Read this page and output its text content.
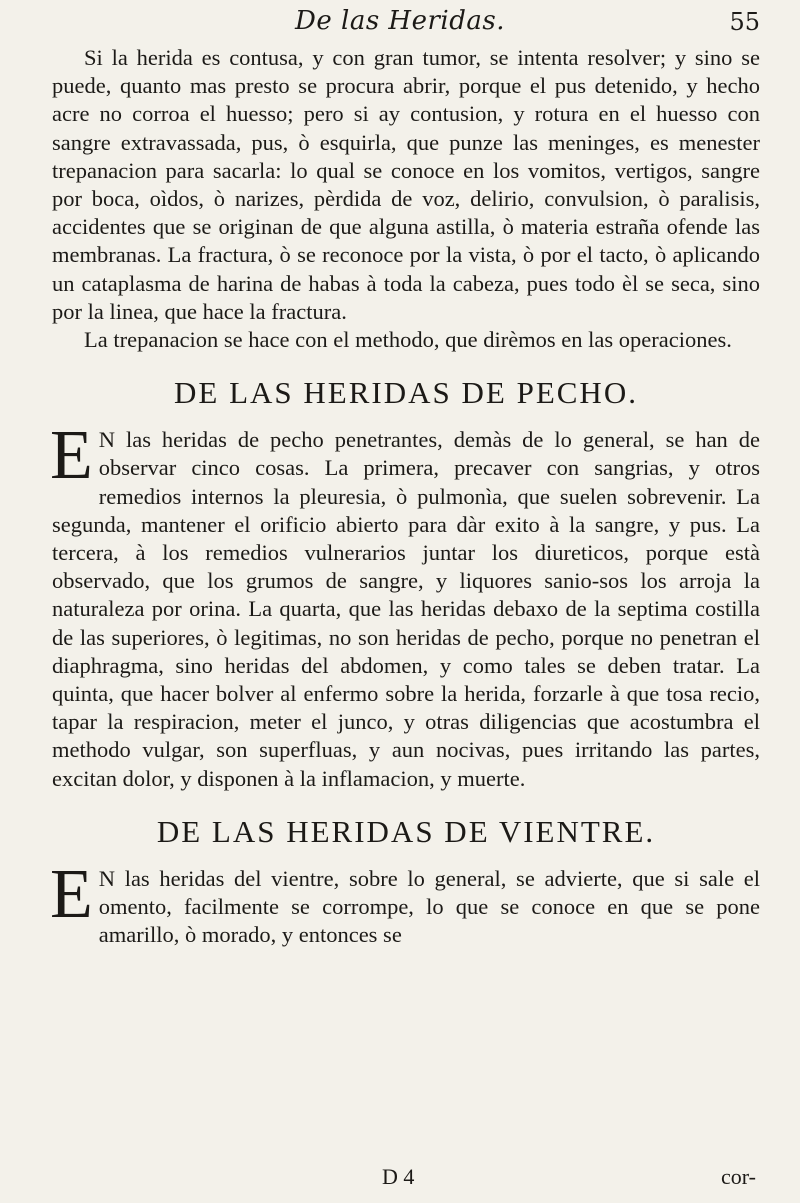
De las Heridas.	55

Si la herida es contusa, y con gran tumor, se intenta resolver; y sino se puede, quanto mas presto se procura abrir, porque el pus detenido, y hecho acre no corroa el huesso; pero si ay contusion, y rotura en el huesso con sangre extravassada, pus, ò esquirla, que punze las meninges, es menester trepanacion para sacarla: lo qual se conoce en los vomitos, vertigos, sangre por boca, oìdos, ò narizes, pèrdida de voz, delirio, convulsion, ò paralisis, accidentes que se originan de que alguna astilla, ò materia estraña ofende las membranas. La fractura, ò se reconoce por la vista, ò por el tacto, ò aplicando un cataplasma de harina de habas à toda la cabeza, pues todo èl se seca, sino por la linea, que hace la fractura.

La trepanacion se hace con el methodo, que dirèmos en las operaciones.

DE LAS HERIDAS DE PECHO.

E N las heridas de pecho penetrantes, demàs de lo general, se han de observar cinco cosas. La primera, precaver con sangrias, y otros remedios internos la pleuresia, ò pulmonìa, que suelen sobrevenir. La segunda, mantener el orificio abierto para dàr exito à la sangre, y pus. La tercera, à los remedios vulnerarios juntar los diureticos, porque està observado, que los grumos de sangre, y liquores sanio-sos los arroja la naturaleza por orina. La quarta, que las heridas debaxo de la septima costilla de las superiores, ò legitimas, no son heridas de pecho, porque no penetran el diaphragma, sino heridas del abdomen, y como tales se deben tratar. La quinta, que hacer bolver al enfermo sobre la herida, forzarle à que tosa recio, tapar la respiracion, meter el junco, y otras diligencias que acostumbra el methodo vulgar, son superfluas, y aun nocivas, pues irritando las partes, excitan dolor, y disponen à la inflamacion, y muerte.

DE LAS HERIDAS DE VIENTRE.

E N las heridas del vientre, sobre lo general, se advierte, que si sale el omento, facilmente se corrompe, lo que se conoce en que se pone amarillo, ò morado, y entonces se

D 4	cor-
